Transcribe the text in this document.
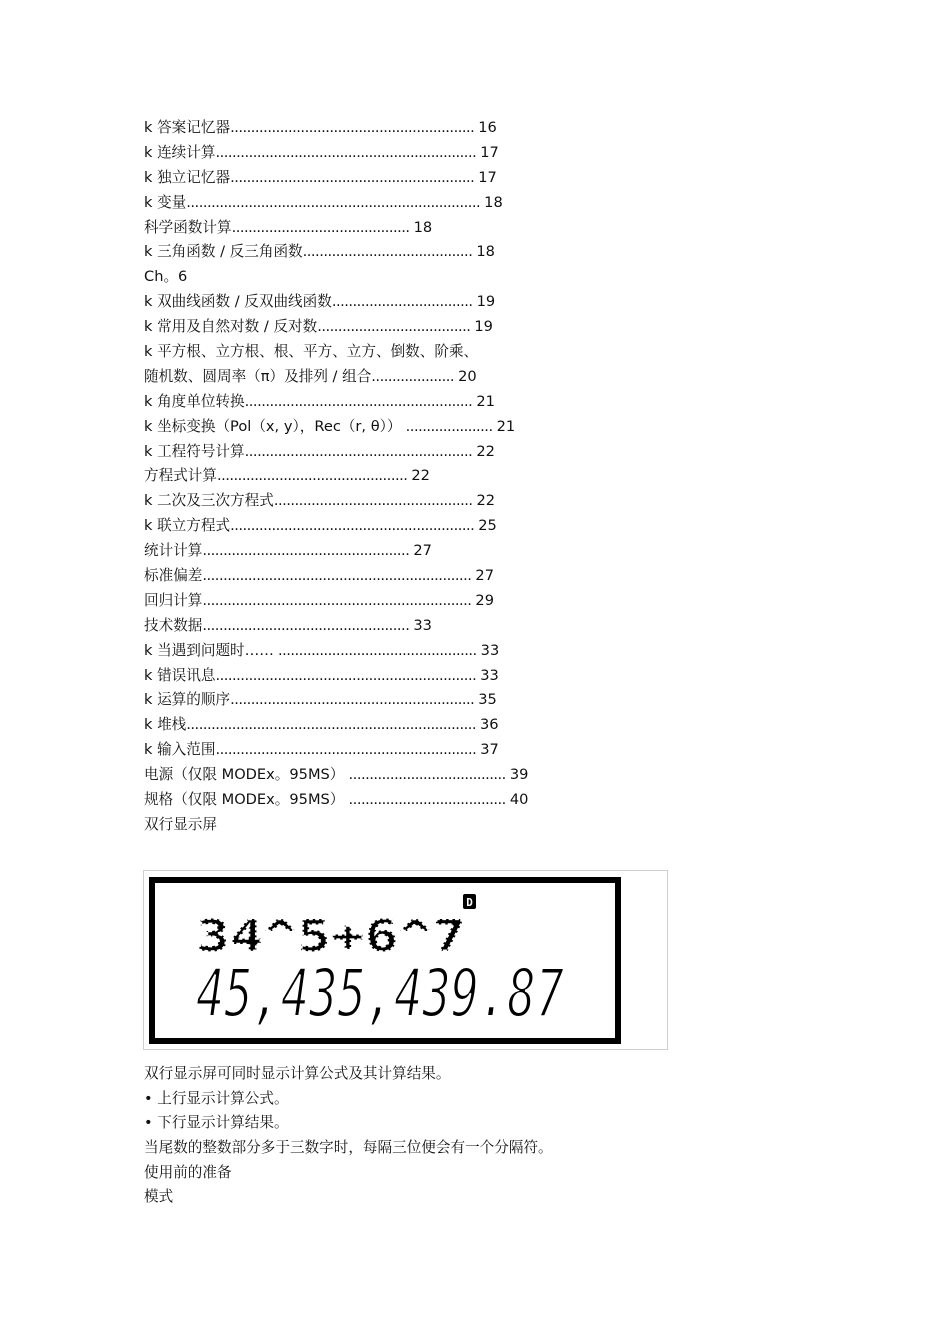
k 答案记忆器........................................................... 16
k 连续计算............................................................... 17
k 独立记忆器........................................................... 17
k 变量....................................................................... 18
科学函数计算........................................... 18
k 三角函数 / 反三角函数......................................... 18
Ch。6
k 双曲线函数 / 反双曲线函数.................................. 19
k 常用及自然对数 / 反对数..................................... 19
k 平方根、立方根、根、平方、立方、倒数、阶乘、
随机数、圆周率（π）及排列 / 组合.................... 20
k 角度单位转换....................................................... 21
k 坐标变换（Pol（x, y），Rec（r, θ）） ..................... 21
k 工程符号计算....................................................... 22
方程式计算.............................................. 22
k 二次及三次方程式................................................ 22
k 联立方程式........................................................... 25
统计计算.................................................. 27
标准偏差................................................................. 27
回归计算................................................................. 29
技术数据.................................................. 33
k 当遇到问题时…… ................................................ 33
k 错误讯息............................................................... 33
k 运算的顺序........................................................... 35
k 堆栈...................................................................... 36
k 输入范围............................................................... 37
电源（仅限 MODEx。95MS） ...................................... 39
规格（仅限 MODEx。95MS） ...................................... 40
双行显示屏
D
34^5+6^7
45,435,439.87
双行显示屏可同时显示计算公式及其计算结果。
• 上行显示计算公式。
• 下行显示计算结果。
当尾数的整数部分多于三数字时，每隔三位便会有一个分隔符。
使用前的准备
模式
